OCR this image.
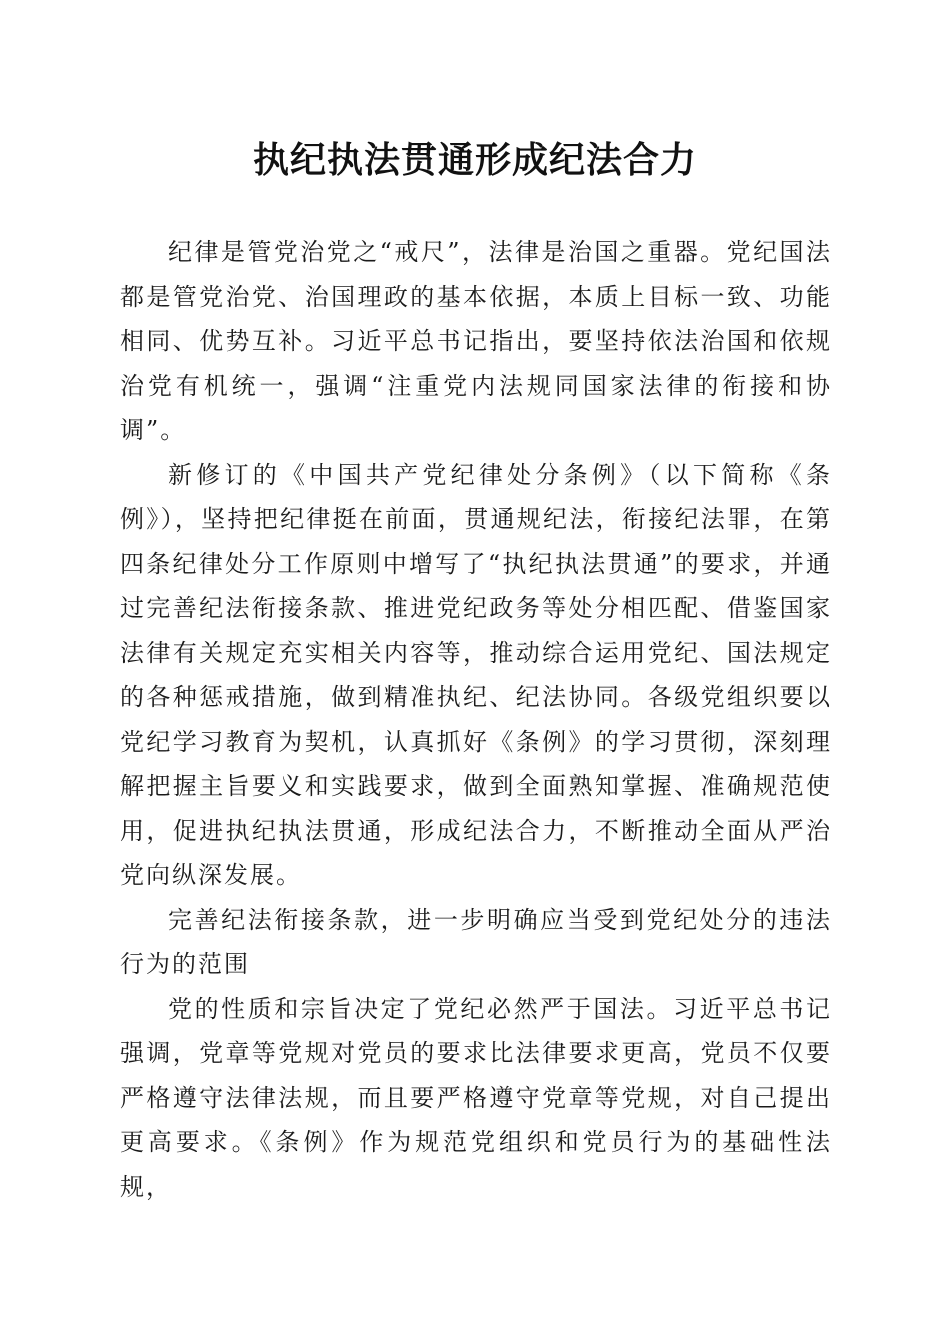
执纪执法贯通形成纪法合力

纪律是管党治党之“戒尺”，法律是治国之重器。党纪国法都是管党治党、治国理政的基本依据，本质上目标一致、功能相同、优势互补。习近平总书记指出，要坚持依法治国和依规治党有机统一，强调“注重党内法规同国家法律的衔接和协调”。

新修订的《中国共产党纪律处分条例》（以下简称《条例》），坚持把纪律挺在前面，贯通规纪法，衔接纪法罪，在第四条纪律处分工作原则中增写了“执纪执法贯通”的要求，并通过完善纪法衔接条款、推进党纪政务等处分相匹配、借鉴国家法律有关规定充实相关内容等，推动综合运用党纪、国法规定的各种惩戒措施，做到精准执纪、纪法协同。各级党组织要以党纪学习教育为契机，认真抓好《条例》的学习贯彻，深刻理解把握主旨要义和实践要求，做到全面熟知掌握、准确规范使用，促进执纪执法贯通，形成纪法合力，不断推动全面从严治党向纵深发展。

完善纪法衔接条款，进一步明确应当受到党纪处分的违法行为的范围

党的性质和宗旨决定了党纪必然严于国法。习近平总书记强调，党章等党规对党员的要求比法律要求更高，党员不仅要严格遵守法律法规，而且要严格遵守党章等党规，对自己提出更高要求。《条例》作为规范党组织和党员行为的基础性法规，
